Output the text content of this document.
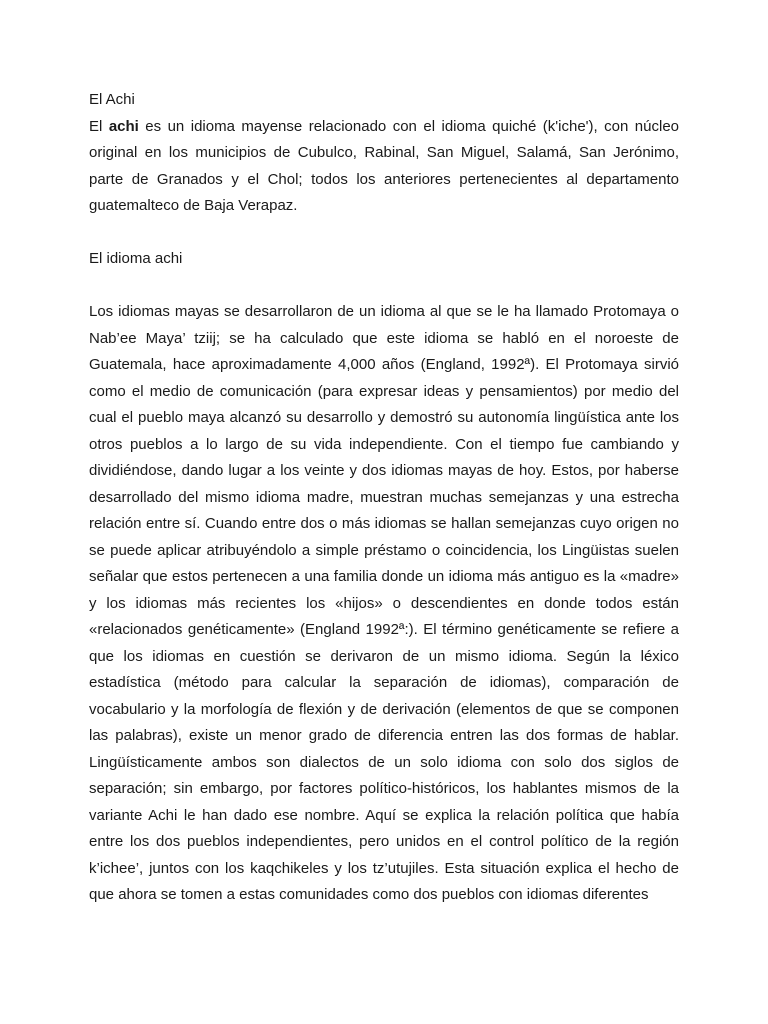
El Achi

El achi es un idioma mayense relacionado con el idioma quiché (k'iche'), con núcleo original en los municipios de Cubulco, Rabinal, San Miguel, Salamá, San Jerónimo, parte de Granados y el Chol; todos los anteriores pertenecientes al departamento guatemalteco de Baja Verapaz.

El idioma achi

Los idiomas mayas se desarrollaron de un idioma al que se le ha llamado Protomaya o Nab’ee Maya’ tziij; se ha calculado que este idioma se habló en el noroeste de Guatemala, hace aproximadamente 4,000 años (England, 1992ª). El Protomaya sirvió como el medio de comunicación (para expresar ideas y pensamientos) por medio del cual el pueblo maya alcanzó su desarrollo y demostró su autonomía lingüística ante los otros pueblos a lo largo de su vida independiente. Con el tiempo fue cambiando y dividiéndose, dando lugar a los veinte y dos idiomas mayas de hoy. Estos, por haberse desarrollado del mismo idioma madre, muestran muchas semejanzas y una estrecha relación entre sí. Cuando entre dos o más idiomas se hallan semejanzas cuyo origen no se puede aplicar atribuyéndolo a simple préstamo o coincidencia, los Lingüistas suelen señalar que estos pertenecen a una familia donde un idioma más antiguo es la «madre» y los idiomas más recientes los «hijos» o descendientes en donde todos están «relacionados genéticamente» (England 1992ª:). El término genéticamente se refiere a que los idiomas en cuestión se derivaron de un mismo idioma. Según la léxico estadística (método para calcular la separación de idiomas), comparación de vocabulario y la morfología de flexión y de derivación (elementos de que se componen las palabras), existe un menor grado de diferencia entren las dos formas de hablar. Lingüísticamente ambos son dialectos de un solo idioma con solo dos siglos de separación; sin embargo, por factores político-históricos, los hablantes mismos de la variante Achi le han dado ese nombre. Aquí se explica la relación política que había entre los dos pueblos independientes, pero unidos en el control político de la región k’ichee’, juntos con los kaqchikeles y los tz’utujiles. Esta situación explica el hecho de que ahora se tomen a estas comunidades como dos pueblos con idiomas diferentes
